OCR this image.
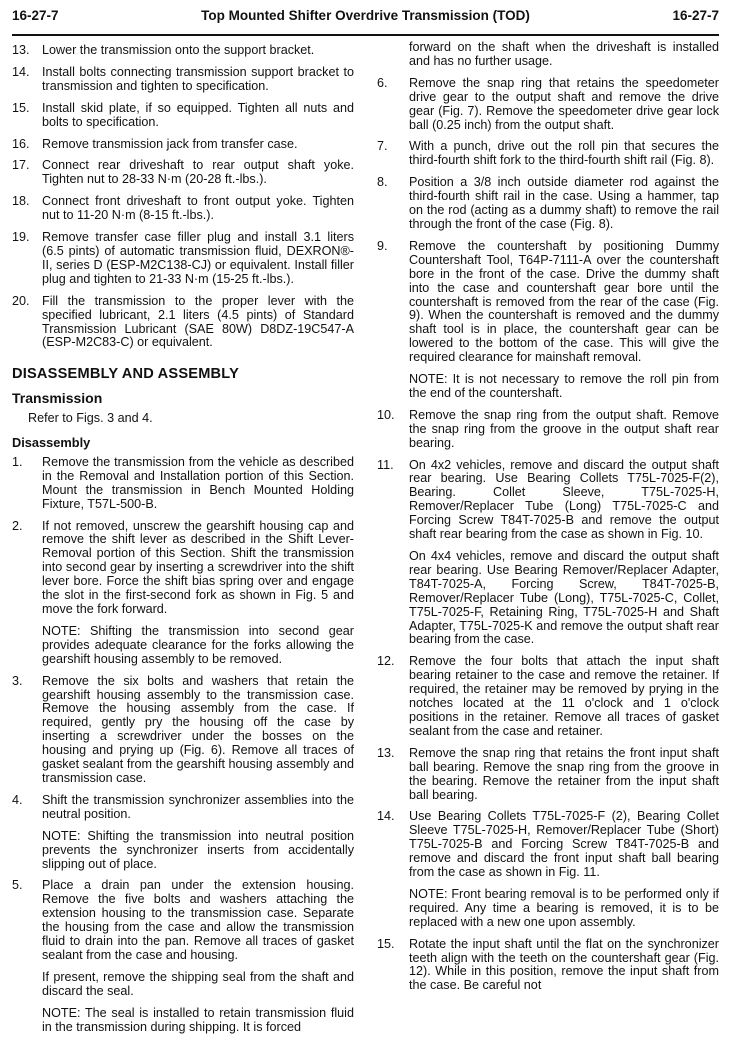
16-27-7	Top Mounted Shifter Overdrive Transmission (TOD)	16-27-7
13. Lower the transmission onto the support bracket.
14. Install bolts connecting transmission support bracket to transmission and tighten to specification.
15. Install skid plate, if so equipped. Tighten all nuts and bolts to specification.
16. Remove transmission jack from transfer case.
17. Connect rear driveshaft to rear output shaft yoke. Tighten nut to 28-33 N·m (20-28 ft.-lbs.).
18. Connect front driveshaft to front output yoke. Tighten nut to 11-20 N·m (8-15 ft.-lbs.).
19. Remove transfer case filler plug and install 3.1 liters (6.5 pints) of automatic transmission fluid, DEXRON®-II, series D (ESP-M2C138-CJ) or equivalent. Install filler plug and tighten to 21-33 N·m (15-25 ft.-lbs.).
20. Fill the transmission to the proper lever with the specified lubricant, 2.1 liters (4.5 pints) of Standard Transmission Lubricant (SAE 80W) D8DZ-19C547-A (ESP-M2C83-C) or equivalent.
DISASSEMBLY AND ASSEMBLY
Transmission
Refer to Figs. 3 and 4.
Disassembly
1.	Remove the transmission from the vehicle as described in the Removal and Installation portion of this Section. Mount the transmission in Bench Mounted Holding Fixture, T57L-500-B.
2.	If not removed, unscrew the gearshift housing cap and remove the shift lever as described in the Shift Lever-Removal portion of this Section. Shift the transmission into second gear by inserting a screwdriver into the shift lever bore. Force the shift bias spring over and engage the slot in the first-second fork as shown in Fig. 5 and move the fork forward.
NOTE: Shifting the transmission into second gear provides adequate clearance for the forks allowing the gearshift housing assembly to be removed.
3.	Remove the six bolts and washers that retain the gearshift housing assembly to the transmission case. Remove the housing assembly from the case. If required, gently pry the housing off the case by inserting a screwdriver under the bosses on the housing and prying up (Fig. 6). Remove all traces of gasket sealant from the gearshift housing assembly and transmission case.
4.	Shift the transmission synchronizer assemblies into the neutral position.
NOTE: Shifting the transmission into neutral position prevents the synchronizer inserts from accidentally slipping out of place.
5.	Place a drain pan under the extension housing. Remove the five bolts and washers attaching the extension housing to the transmission case. Separate the housing from the case and allow the transmission fluid to drain into the pan. Remove all traces of gasket sealant from the case and housing.
If present, remove the shipping seal from the shaft and discard the seal.
NOTE: The seal is installed to retain transmission fluid in the transmission during shipping. It is forced
forward on the shaft when the driveshaft is installed and has no further usage.
6.	Remove the snap ring that retains the speedometer drive gear to the output shaft and remove the drive gear (Fig. 7). Remove the speedometer drive gear lock ball (0.25 inch) from the output shaft.
7.	With a punch, drive out the roll pin that secures the third-fourth shift fork to the third-fourth shift rail (Fig. 8).
8.	Position a 3/8 inch outside diameter rod against the third-fourth shift rail in the case. Using a hammer, tap on the rod (acting as a dummy shaft) to remove the rail through the front of the case (Fig. 8).
9.	Remove the countershaft by positioning Dummy Countershaft Tool, T64P-7111-A over the countershaft bore in the front of the case. Drive the dummy shaft into the case and countershaft gear bore until the countershaft is removed from the rear of the case (Fig. 9). When the countershaft is removed and the dummy shaft tool is in place, the countershaft gear can be lowered to the bottom of the case. This will give the required clearance for mainshaft removal.
NOTE: It is not necessary to remove the roll pin from the end of the countershaft.
10.	Remove the snap ring from the output shaft. Remove the snap ring from the groove in the output shaft rear bearing.
11.	On 4x2 vehicles, remove and discard the output shaft rear bearing. Use Bearing Collets T75L-7025-F(2), Bearing. Collet Sleeve, T75L-7025-H, Remover/Replacer Tube (Long) T75L-7025-C and Forcing Screw T84T-7025-B and remove the output shaft rear bearing from the case as shown in Fig. 10.
On 4x4 vehicles, remove and discard the output shaft rear bearing. Use Bearing Remover/Replacer Adapter, T84T-7025-A, Forcing Screw, T84T-7025-B, Remover/Replacer Tube (Long), T75L-7025-C, Collet, T75L-7025-F, Retaining Ring, T75L-7025-H and Shaft Adapter, T75L-7025-K and remove the output shaft rear bearing from the case.
12.	Remove the four bolts that attach the input shaft bearing retainer to the case and remove the retainer. If required, the retainer may be removed by prying in the notches located at the 11 o'clock and 1 o'clock positions in the retainer. Remove all traces of gasket sealant from the case and retainer.
13.	Remove the snap ring that retains the front input shaft ball bearing. Remove the snap ring from the groove in the bearing. Remove the retainer from the input shaft ball bearing.
14.	Use Bearing Collets T75L-7025-F (2), Bearing Collet Sleeve T75L-7025-H, Remover/Replacer Tube (Short) T75L-7025-B and Forcing Screw T84T-7025-B and remove and discard the front input shaft ball bearing from the case as shown in Fig. 11.
NOTE: Front bearing removal is to be performed only if required. Any time a bearing is removed, it is to be replaced with a new one upon assembly.
15.	Rotate the input shaft until the flat on the synchronizer teeth align with the teeth on the countershaft gear (Fig. 12). While in this position, remove the input shaft from the case. Be careful not
